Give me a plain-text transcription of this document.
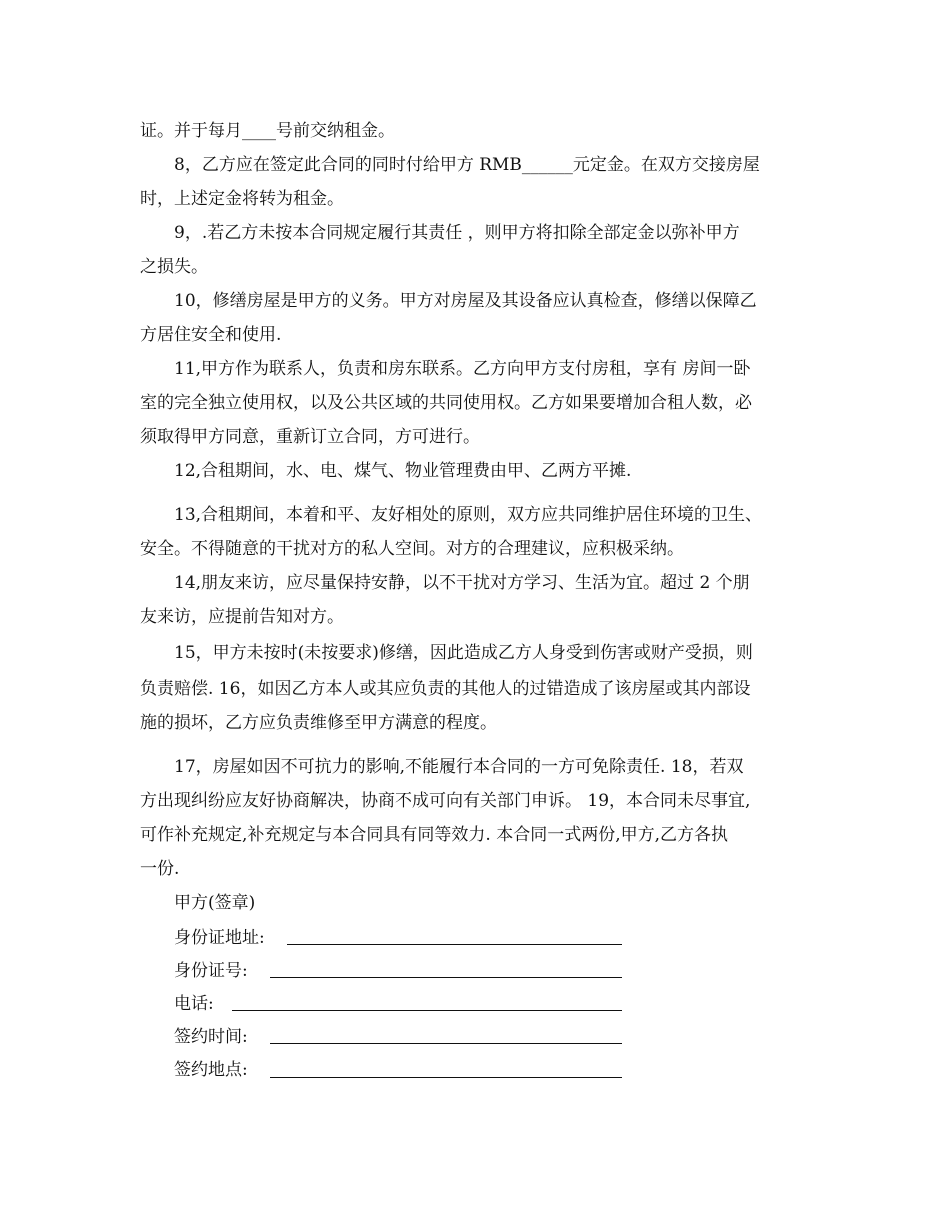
证。并于每月____号前交纳租金。
8，乙方应在签定此合同的同时付给甲方 RMB______元定金。在双方交接房屋
时，上述定金将转为租金。
9，.若乙方未按本合同规定履行其责任 ，则甲方将扣除全部定金以弥补甲方
之损失。
10，修缮房屋是甲方的义务。甲方对房屋及其设备应认真检查，修缮以保障乙
方居住安全和使用.
11,甲方作为联系人，负责和房东联系。乙方向甲方支付房租，享有 房间一卧
室的完全独立使用权，以及公共区域的共同使用权。乙方如果要增加合租人数，必
须取得甲方同意，重新订立合同，方可进行。
12,合租期间，水、电、煤气、物业管理费由甲、乙两方平摊.
13,合租期间，本着和平、友好相处的原则，双方应共同维护居住环境的卫生、
安全。不得随意的干扰对方的私人空间。对方的合理建议，应积极采纳。
14,朋友来访，应尽量保持安静，以不干扰对方学习、生活为宜。超过 2 个朋
友来访，应提前告知对方。
15，甲方未按时(未按要求)修缮，因此造成乙方人身受到伤害或财产受损，则
负责赔偿. 16，如因乙方本人或其应负责的其他人的过错造成了该房屋或其内部设
施的损坏，乙方应负责维修至甲方满意的程度。
17，房屋如因不可抗力的影响,不能履行本合同的一方可免除责任. 18，若双
方出现纠纷应友好协商解决，协商不成可向有关部门申诉。 19，本合同未尽事宜,
可作补充规定,补充规定与本合同具有同等效力. 本合同一式两份,甲方,乙方各执
一份.
甲方(签章)
身份证地址:
身份证号:
电话:
签约时间:
签约地点:
